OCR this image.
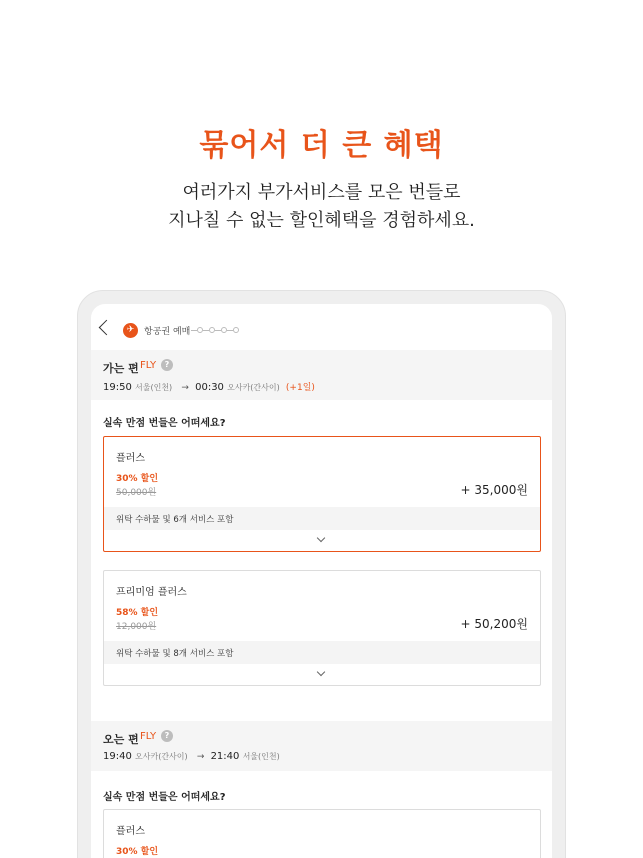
묶어서 더 큰 혜택
여러가지 부가서비스를 모은 번들로
지나칠 수 없는 할인혜택을 경험하세요.
✈	항공권 예매
가는 편 FLY	?
19:50 서울(인천) → 00:30 오사카(간사이) (+1일)
실속 만점 번들은 어떠세요?
플러스
30% 할인
50,000원	+ 35,000원
위탁 수하물 및 6개 서비스 포함
프리미엄 플러스
58% 할인
12,000원	+ 50,200원
위탁 수하물 및 8개 서비스 포함
오는 편 FLY	?
19:40 오사카(간사이) → 21:40 서울(인천)
실속 만점 번들은 어떠세요?
플러스
30% 할인
